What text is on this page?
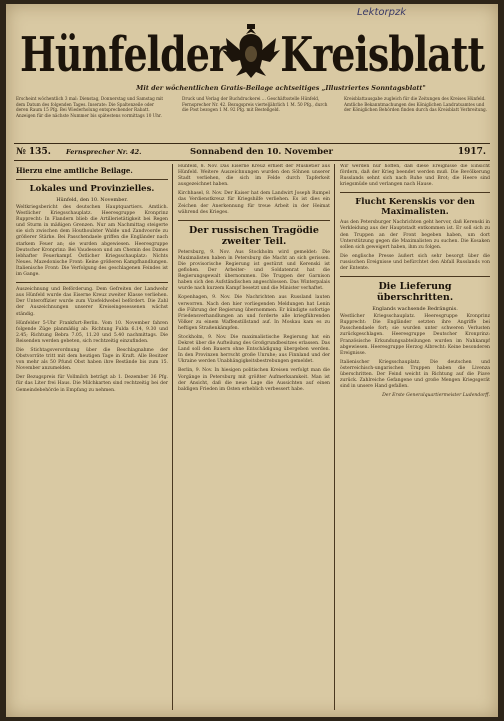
Lektorpzk
Hünfelder Kreisblatt
Mit der wöchentlichen Gratis-Beilage achtseitiges „Illustriertes Sonntagsblatt"
Erscheint wöchentlich 3 mal: Dienstag, Donnerstag und Samstag mit dem Datum des folgenden Tages. Inserate: Die Spaltenzeile oder deren Raum 15 Pfg. Bei Wiederholung entsprechender Rabatt. Anzeigen für die nächste Nummer bis spätestens vormittags 10 Uhr.
Druck und Verlag der Buchdruckerei ... Geschäftsstelle Hünfeld, Fernsprecher Nr. 42. Bezugspreis vierteljährlich 1 M. 50 Pfg., durch die Post bezogen 1 M. 92 Pfg. mit Bestellgeld.
Kreisblattausgabe zugleich für die Zeitungen des Kreises Hünfeld. Amtliche Bekanntmachungen des Königlichen Landratsamtes und der Königlichen Behörden finden durch das Kreisblatt Verbreitung.
№ 135. Fernsprecher Nr. 42.	Sonnabend den 10. November	1917.
Hierzu eine amtliche Beilage.
Lokales und Provinzielles.
Hünfeld, den 10. November.

Weltkriegsbericht des deutschen Hauptquartiers. Amtlich. Westlicher Kriegsschauplatz. Heeresgruppe Kronprinz Rupprecht: In Flandern blieb die Artillerietätigkeit bei Regen und Sturm in mäßigen Grenzen. Nur am Nachmittag steigerte sie sich zwischen dem Houthoulster Walde und Zandvoorde zu größerer Stärke. Bei Passchendaele griffen die Engländer nach starkem Feuer an; sie wurden abgewiesen. Heeresgruppe Deutscher Kronprinz: Bei Vaudesson und am Chemin des Dames lebhafter Feuerkampf. Östlicher Kriegsschauplatz: Nichts Neues. Mazedonische Front: Keine größeren Kampfhandlungen. Italienische Front: Die Verfolgung des geschlagenen Feindes ist im Gange.

Auszeichnung und Beförderung. Dem Gefreiten der Landwehr aus Hünfeld wurde das Eiserne Kreuz zweiter Klasse verliehen. Der Unteroffizier wurde zum Vizefeldwebel befördert. Die Zahl der Auszeichnungen unserer Kreiseingesessenen wächst ständig.

Hünfelder 5-Uhr Frankfurt-Berlin. Vom 10. November fahren folgende Züge planmäßig ab: Richtung Fulda 6.14, 9.30 und 2.45; Richtung Bebra 7.05, 11.20 und 5.40 nachmittags. Die Reisenden werden gebeten, sich rechtzeitig einzufinden.

Die Stichtagsverordnung über die Beschlagnahme der Obstvorräte tritt mit dem heutigen Tage in Kraft. Alle Besitzer von mehr als 50 Pfund Obst haben ihre Bestände bis zum 15. November anzumelden.

Der Bezugspreis für Vollmilch beträgt ab 1. Dezember 36 Pfg. für das Liter frei Haus. Die Milchkarten sind rechtzeitig bei der Gemeindebehörde in Empfang zu nehmen.

Hünfeld, 8. Nov. Das Eiserne Kreuz erhielt der Musketier aus Hünfeld. Weitere Auszeichnungen wurden den Söhnen unserer Stadt verliehen, die sich im Felde durch Tapferkeit ausgezeichnet haben.

Kirchhasel, 8. Nov. Der Kaiser hat dem Landwirt Joseph Rumpel das Verdienstkreuz für Kriegshilfe verliehen. Es ist dies ein Zeichen der Anerkennung für treue Arbeit in der Heimat während des Krieges.

Der russischen Tragödie zweiter Teil.

Petersburg, 9. Nov. Aus Stockholm wird gemeldet: Die Maximalisten haben in Petersburg die Macht an sich gerissen. Die provisorische Regierung ist gestürzt und Kerenski ist geflohen. Der Arbeiter- und Soldatenrat hat die Regierungsgewalt übernommen. Die Truppen der Garnison haben sich den Aufständischen angeschlossen. Das Winterpalais wurde nach kurzem Kampf besetzt und die Minister verhaftet.

Kopenhagen, 9. Nov. Die Nachrichten aus Russland lauten verworren. Nach den hier vorliegenden Meldungen hat Lenin die Führung der Regierung übernommen. Er kündigte sofortige Friedensverhandlungen an und forderte alle kriegführenden Völker zu einem Waffenstillstand auf. In Moskau kam es zu heftigen Straßenkämpfen.

Stockholm, 9. Nov. Die maximalistische Regierung hat ein Dekret über die Aufteilung des Großgrundbesitzes erlassen. Das Land soll den Bauern ohne Entschädigung übergeben werden. In den Provinzen herrscht große Unruhe; aus Finnland und der Ukraine werden Unabhängigkeitsbestrebungen gemeldet.

Berlin, 9. Nov. In hiesigen politischen Kreisen verfolgt man die Vorgänge in Petersburg mit größter Aufmerksamkeit. Man ist der Ansicht, daß die neue Lage die Aussichten auf einen baldigen Frieden im Osten erheblich verbessert habe.

Wir werden nur hoffen, daß diese Ereignisse die Einsicht fördern, daß der Krieg beendet werden muß. Die Bevölkerung Russlands sehnt sich nach Ruhe und Brot; die Heere sind kriegsmüde und verlangen nach Hause.

Flucht Kerenskis vor den Maximalisten.

Aus den Petersburger Nachrichten geht hervor, daß Kerenski in Verkleidung aus der Hauptstadt entkommen ist. Er soll sich zu den Truppen an der Front begeben haben, um dort Unterstützung gegen die Maximalisten zu suchen. Die Kosaken sollen sich geweigert haben, ihm zu folgen.

Die englische Presse äußert sich sehr besorgt über die russischen Ereignisse und befürchtet den Abfall Russlands von der Entente.

Die Lieferung überschritten.
Englands wachsende Bedrängnis.

Westlicher Kriegsschauplatz. Heeresgruppe Kronprinz Rupprecht: Die Engländer setzten ihre Angriffe bei Passchendaele fort; sie wurden unter schweren Verlusten zurückgeschlagen. Heeresgruppe Deutscher Kronprinz: Französische Erkundungsabteilungen wurden im Nahkampf abgewiesen. Heeresgruppe Herzog Albrecht: Keine besonderen Ereignisse.

Italienischer Kriegsschauplatz. Die deutschen und österreichisch-ungarischen Truppen haben die Livenza überschritten. Der Feind weicht in Richtung auf die Piave zurück. Zahlreiche Gefangene und große Mengen Kriegsgerät sind in unsere Hand gefallen.

Der Erste Generalquartiermeister Ludendorff.
